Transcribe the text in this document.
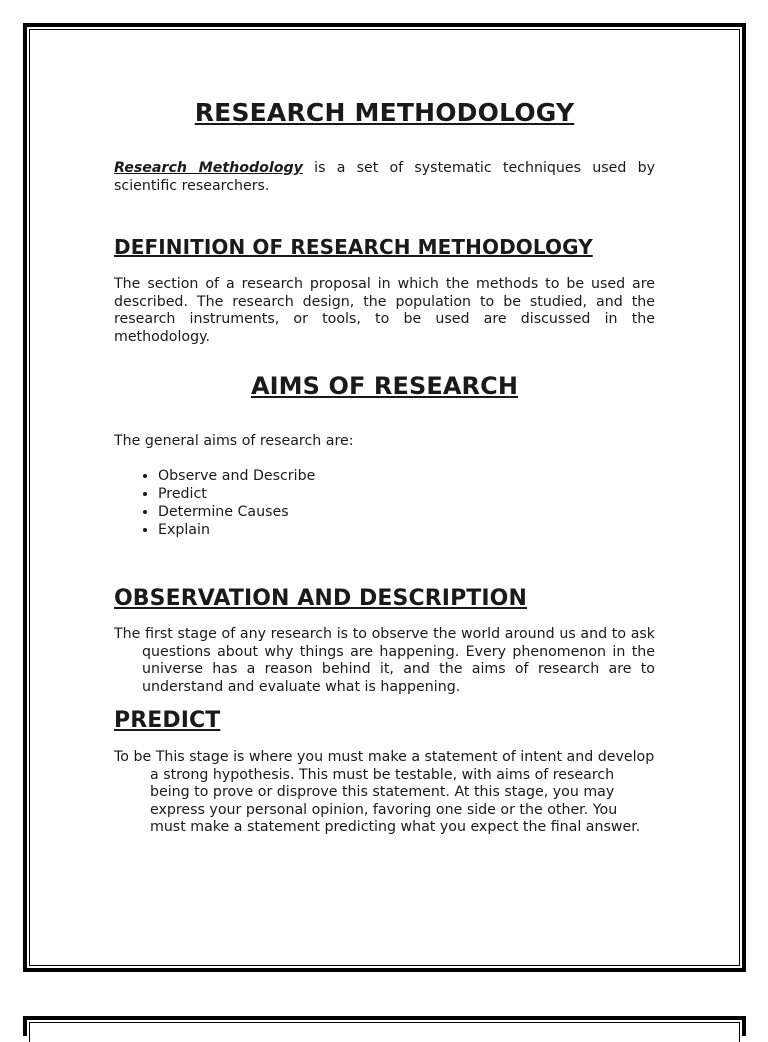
RESEARCH METHODOLOGY

Research Methodology is a set of systematic techniques used by scientific researchers.

DEFINITION OF RESEARCH METHODOLOGY

The section of a research proposal in which the methods to be used are described. The research design, the population to be studied, and the research instruments, or tools, to be used are discussed in the methodology.

AIMS OF RESEARCH

The general aims of research are:

• Observe and Describe
• Predict
• Determine Causes
• Explain
OBSERVATION AND DESCRIPTION

The first stage of any research is to observe the world around us and to ask questions about why things are happening. Every phenomenon in the universe has a reason behind it, and the aims of research are to understand and evaluate what is happening.

PREDICT

To be This stage is where you must make a statement of intent and develop a strong hypothesis. This must be testable, with aims of research being to prove or disprove this statement. At this stage, you may express your personal opinion, favoring one side or the other. You must make a statement predicting what you expect the final answer.
